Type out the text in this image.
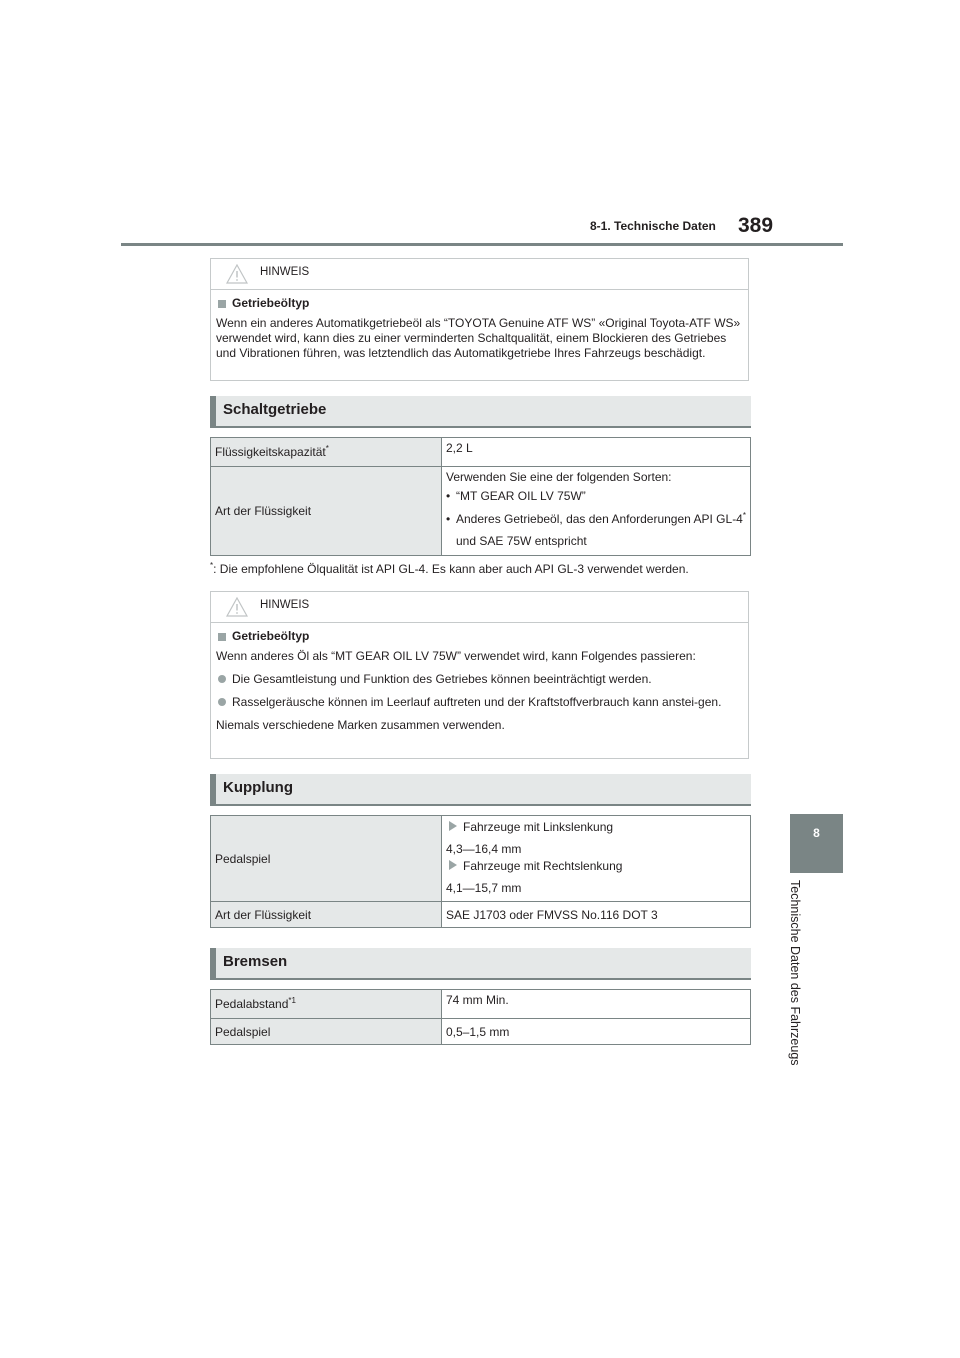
8-1. Technische Daten 389
8
Technische Daten des Fahrzeugs
HINWEIS
Getriebeöltyp
Wenn ein anderes Automatikgetriebeöl als “TOYOTA Genuine ATF WS” «Original Toyota-ATF WS» verwendet wird, kann dies zu einer verminderten Schaltqualität, einem Blockieren des Getriebes und Vibrationen führen, was letztendlich das Automatikgetriebe Ihres Fahrzeugs beschädigt.
Schaltgetriebe
Flüssigkeitskapazität*	2,2 L
Art der Flüssigkeit	Verwenden Sie eine der folgenden Sorten:
• “MT GEAR OIL LV 75W”
• Anderes Getriebeöl, das den Anforderungen API GL-4* und SAE 75W entspricht
*: Die empfohlene Ölqualität ist API GL-4. Es kann aber auch API GL-3 verwendet werden.
HINWEIS
Getriebeöltyp
Wenn anderes Öl als “MT GEAR OIL LV 75W” verwendet wird, kann Folgendes passieren:
Die Gesamtleistung und Funktion des Getriebes können beeinträchtigt werden.
Rasselgeräusche können im Leerlauf auftreten und der Kraftstoffverbrauch kann anstei-gen.
Niemals verschiedene Marken zusammen verwenden.
Kupplung
Pedalspiel	Fahrzeuge mit Linkslenkung
4,3—16,4 mm
Fahrzeuge mit Rechtslenkung
4,1—15,7 mm

Art der Flüssigkeit	SAE J1703 oder FMVSS No.116 DOT 3
Bremsen
Pedalabstand$^{*1}$	74 mm Min.
Pedalspiel	0,5–1,5 mm
